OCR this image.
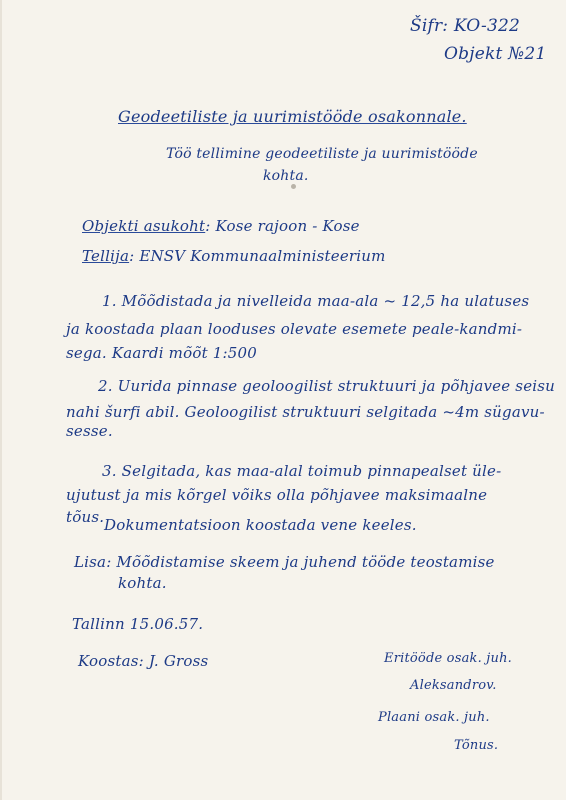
Šifr: KO-322
Objekt №21
Geodeetiliste ja uurimistööde osakonnale.
Töö tellimine geodeetiliste ja uurimistööde
kohta.
Objekti asukoht: Kose rajoon - Kose
Tellija: ENSV Kommunaalministeerium
1. Mõõdistada ja nivelleida maa-ala ~ 12,5 ha ulatuses
ja koostada plaan looduses olevate esemete peale-kandmi-
sega. Kaardi mõõt 1:500
2. Uurida pinnase geoloogilist struktuuri ja põhjavee seisu
nahi šurfi abil. Geoloogilist struktuuri selgitada ~4m sügavu-
sesse.
3. Selgitada, kas maa-alal toimub pinnapealset üle-
ujutust ja mis kõrgel võiks olla põhjavee maksimaalne
tõus. Dokumentatsioon koostada vene keeles.
Lisa: Mõõdistamise skeem ja juhend tööde teostamise
kohta.
Tallinn 15.06.57.
Koostas: J. Gross	Eritööde osak. juh.
Aleksandrov.
Plaani osak. juh.
Tõnus.
